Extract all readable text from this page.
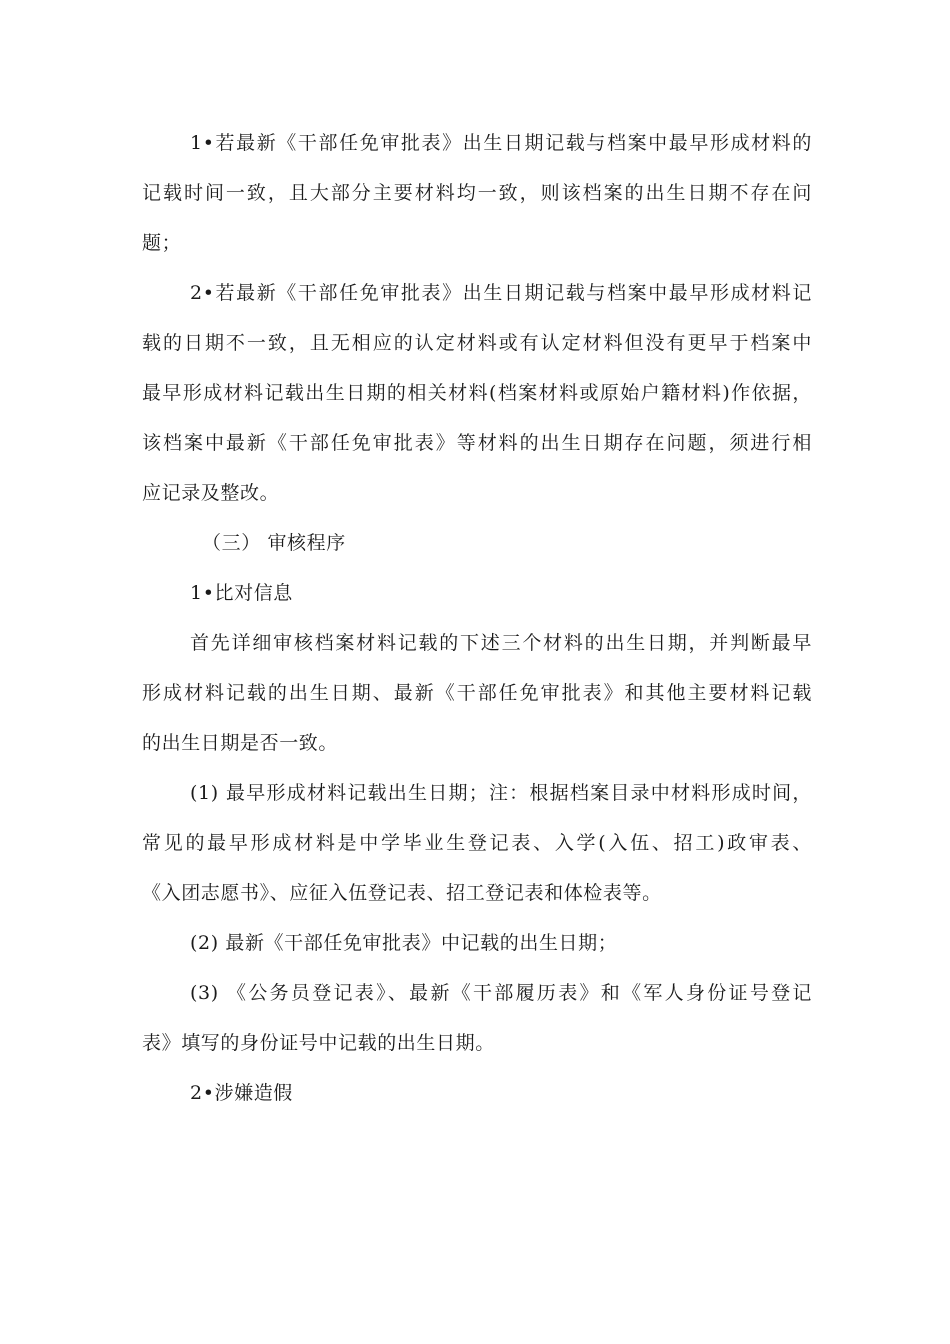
1•若最新《干部任免审批表》出生日期记载与档案中最早形成材料的
记载时间一致，且大部分主要材料均一致，则该档案的出生日期不存在问
题；
2•若最新《干部任免审批表》出生日期记载与档案中最早形成材料记
载的日期不一致，且无相应的认定材料或有认定材料但没有更早于档案中
最早形成材料记载出生日期的相关材料(档案材料或原始户籍材料)作依据，
该档案中最新《干部任免审批表》等材料的出生日期存在问题，须进行相
应记录及整改。
（三） 审核程序
1•比对信息
首先详细审核档案材料记载的下述三个材料的出生日期，并判断最早
形成材料记载的出生日期、最新《干部任免审批表》和其他主要材料记载
的出生日期是否一致。
(1) 最早形成材料记载出生日期；注：根据档案目录中材料形成时间，
常见的最早形成材料是中学毕业生登记表、入学(入伍、招工)政审表、
《入团志愿书》、应征入伍登记表、招工登记表和体检表等。
(2) 最新《干部任免审批表》中记载的出生日期；
(3) 《公务员登记表》、最新《干部履历表》和《军人身份证号登记
表》填写的身份证号中记载的出生日期。
2•涉嫌造假
